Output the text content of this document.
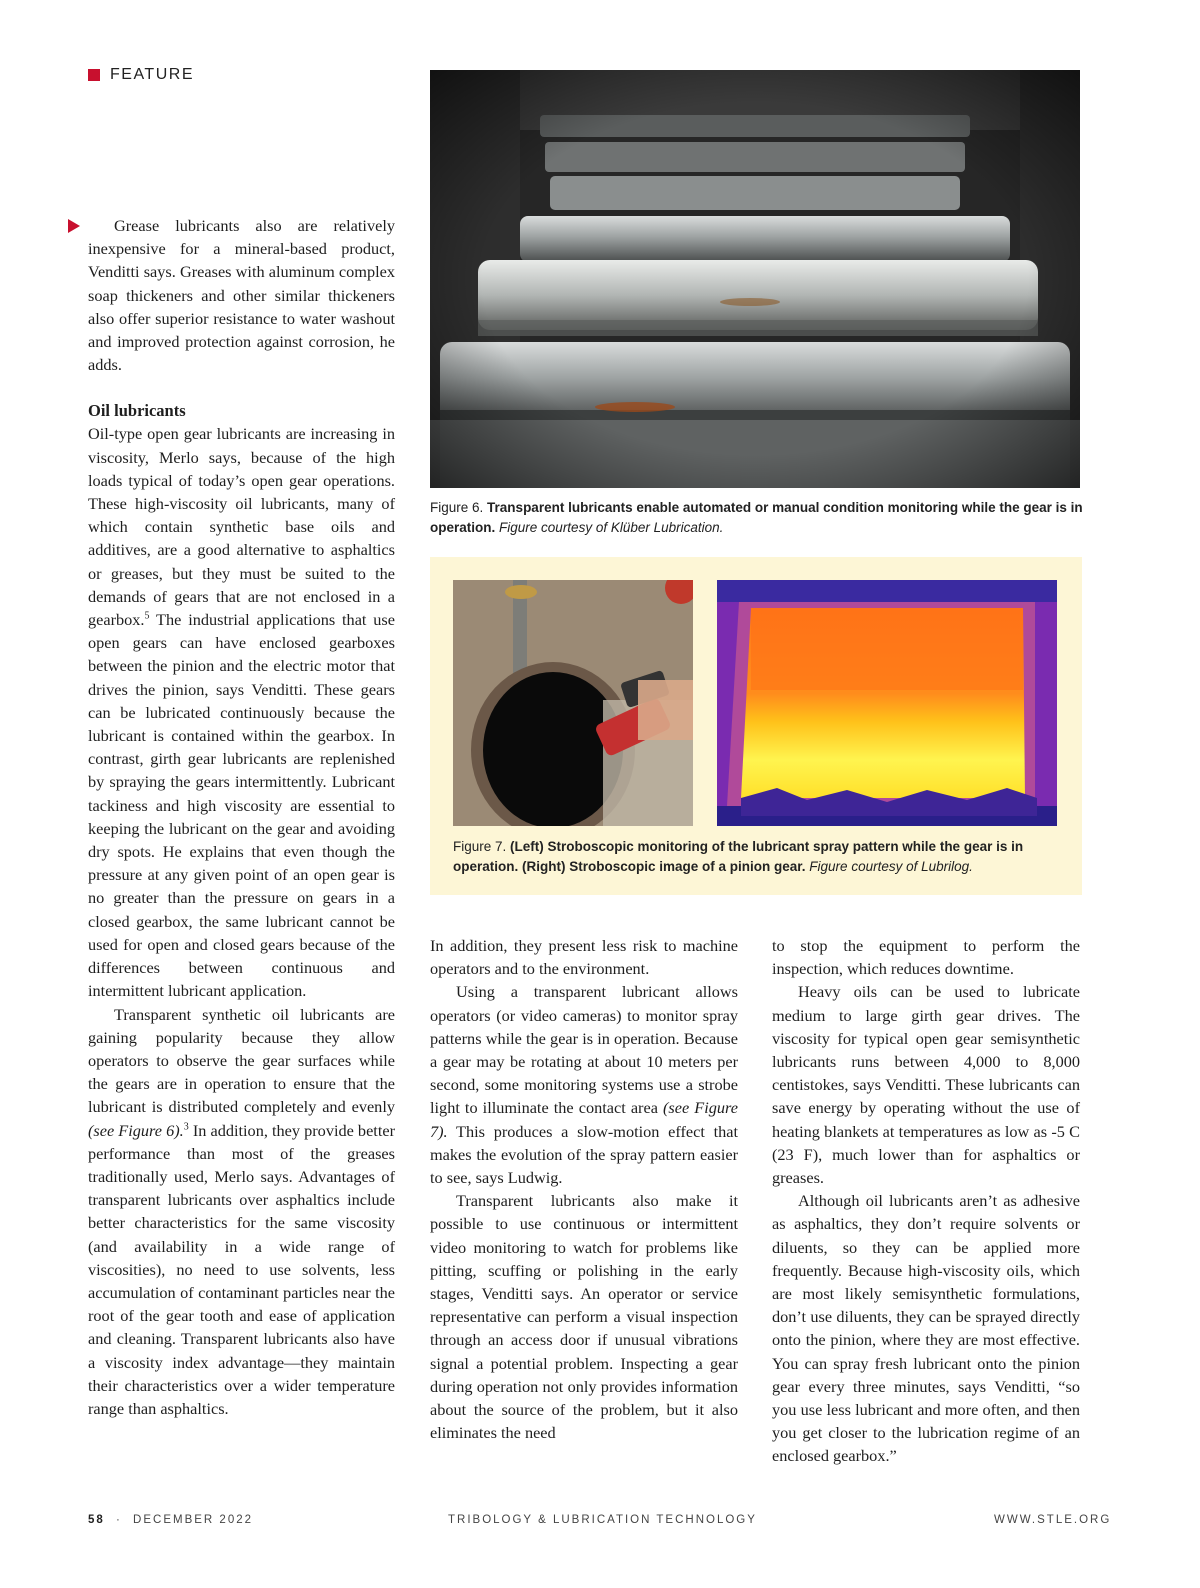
FEATURE
Figure 6. Transparent lubricants enable automated or manual condition monitoring while the gear is in operation. Figure courtesy of Klüber Lubrication.
Figure 7. (Left) Stroboscopic monitoring of the lubricant spray pattern while the gear is in operation. (Right) Stroboscopic image of a pinion gear. Figure courtesy of Lubrilog.

Grease lubricants also are relatively inexpensive for a mineral-based product, Venditti says. Greases with aluminum complex soap thickeners and other similar thickeners also offer superior resistance to water washout and improved protection against corrosion, he adds.

Oil lubricants

Oil-type open gear lubricants are increasing in viscosity, Merlo says, because of the high loads typical of today’s open gear operations. These high-viscosity oil lubricants, many of which contain synthetic base oils and additives, are a good alternative to asphaltics or greases, but they must be suited to the demands of gears that are not enclosed in a gearbox.$^5$ The industrial applications that use open gears can have enclosed gearboxes between the pinion and the electric motor that drives the pinion, says Venditti. These gears can be lubricated continuously because the lubricant is contained within the gearbox. In contrast, girth gear lubricants are replenished by spraying the gears intermittently. Lubricant tackiness and high viscosity are essential to keeping the lubricant on the gear and avoiding dry spots. He explains that even though the pressure at any given point of an open gear is no greater than the pressure on gears in a closed gearbox, the same lubricant cannot be used for open and closed gears because of the differences between continuous and intermittent lubricant application.

Transparent synthetic oil lubricants are gaining popularity because they allow operators to observe the gear surfaces while the gears are in operation to ensure that the lubricant is distributed completely and evenly (see Figure 6).$^3$ In addition, they provide better performance than most of the greases traditionally used, Merlo says. Advantages of transparent lubricants over asphaltics include better characteristics for the same viscosity (and availability in a wide range of viscosities), no need to use solvents, less accumulation of contaminant particles near the root of the gear tooth and ease of application and cleaning. Transparent lubricants also have a viscosity index advantage—they maintain their characteristics over a wider temperature range than asphaltics.

In addition, they present less risk to machine operators and to the environment.

Using a transparent lubricant allows operators (or video cameras) to monitor spray patterns while the gear is in operation. Because a gear may be rotating at about 10 meters per second, some monitoring systems use a strobe light to illuminate the contact area (see Figure 7). This produces a slow-motion effect that makes the evolution of the spray pattern easier to see, says Ludwig.

Transparent lubricants also make it possible to use continuous or intermittent video monitoring to watch for problems like pitting, scuffing or polishing in the early stages, Venditti says. An operator or service representative can perform a visual inspection through an access door if unusual vibrations signal a potential problem. Inspecting a gear during operation not only provides information about the source of the problem, but it also eliminates the need

to stop the equipment to perform the inspection, which reduces downtime.

Heavy oils can be used to lubricate medium to large girth gear drives. The viscosity for typical open gear semisynthetic lubricants runs between 4,000 to 8,000 centistokes, says Venditti. These lubricants can save energy by operating without the use of heating blankets at temperatures as low as -5 C (23 F), much lower than for asphaltics or greases.

Although oil lubricants aren’t as adhesive as asphaltics, they don’t require solvents or diluents, so they can be applied more frequently. Because high-viscosity oils, which are most likely semisynthetic formulations, don’t use diluents, they can be sprayed directly onto the pinion, where they are most effective. You can spray fresh lubricant onto the pinion gear every three minutes, says Venditti, “so you use less lubricant and more often, and then you get closer to the lubrication regime of an enclosed gearbox.”

58 · DECEMBER 2022	TRIBOLOGY & LUBRICATION TECHNOLOGY	WWW.STLE.ORG
